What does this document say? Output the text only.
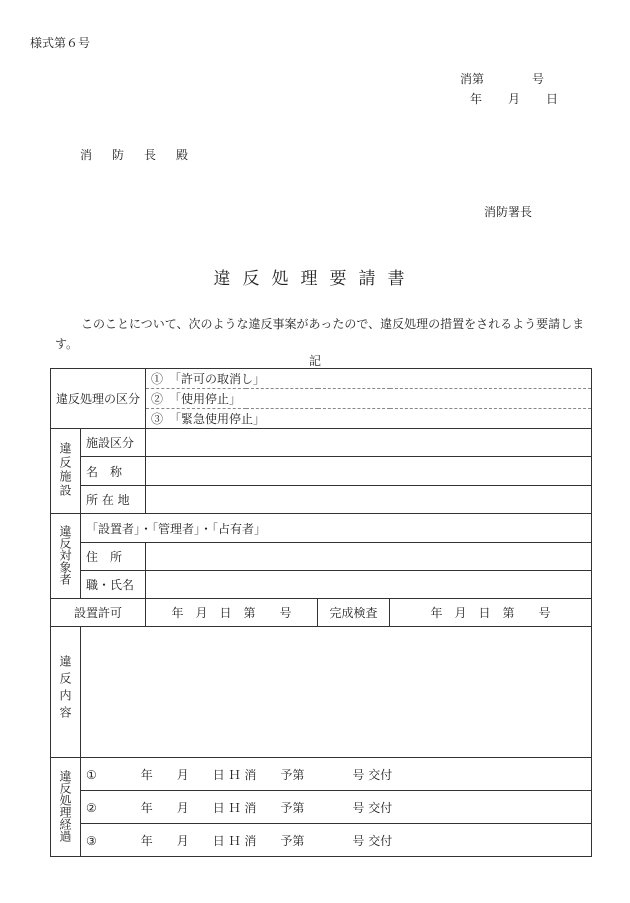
様式第６号
消第	号
年 月 日
消防長殿
消防署長
違反処理要請書
このことについて、次のような違反事案があったので、違反処理の措置をされるよう要請します。
記
違反処理の区分		①　「許可の取消し」		
		②　「使用停止」		
		③　「緊急使用停止」		
違反施設	施設区分			
	名　称			
	所 在 地			
違反対象者	「設置者」・「管理者」・「占有者」			
	住　所			
	職・氏名			
設置許可		年　月　日　第　　号	完成検査	年　月　日　第　　号
違反内容				
違反処理経過	① 年　　月　　日 Ｈ 消　　予第　　　　号 交付			
	② 年　　月　　日 Ｈ 消　　予第　　　　号 交付			
	③ 年　　月　　日 Ｈ 消　　予第　　　　号 交付			
